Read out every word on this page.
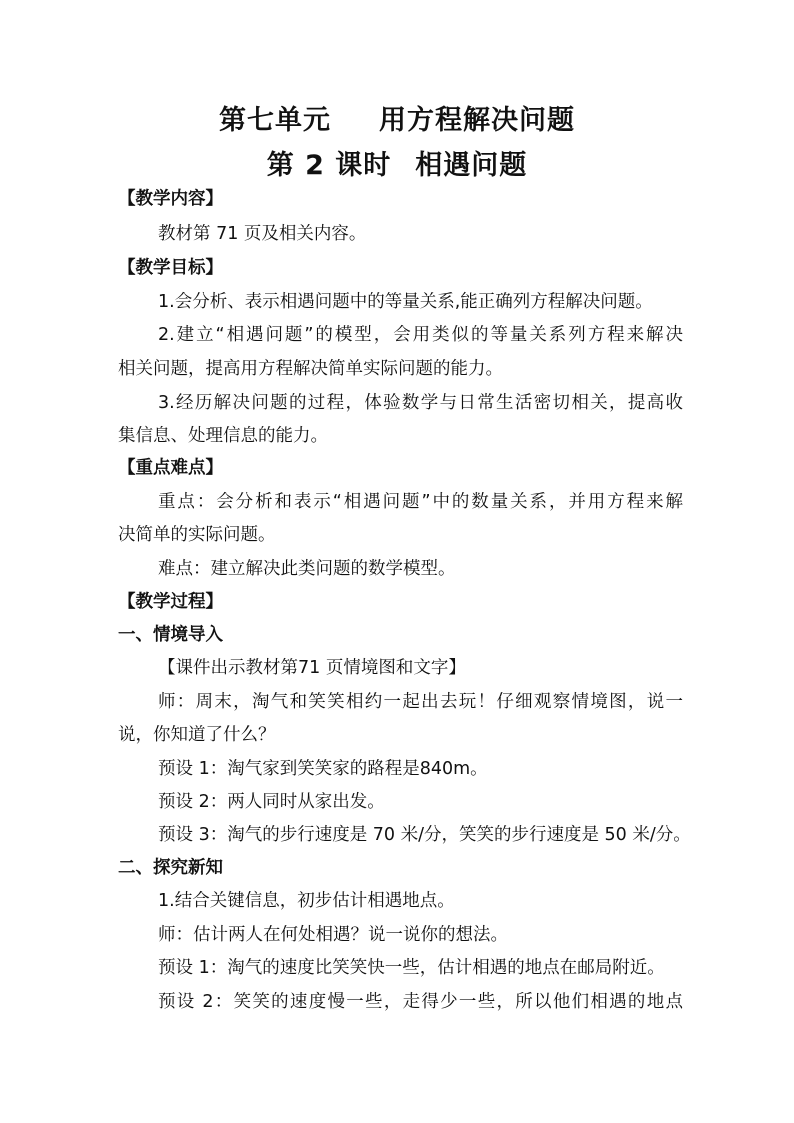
第七单元 用方程解决问题
第 2 课时 相遇问题
【教学内容】
教材第 71 页及相关内容。
【教学目标】
1.会分析、表示相遇问题中的等量关系,能正确列方程解决问题。
2.建立“相遇问题”的模型，会用类似的等量关系列方程来解决
相关问题，提高用方程解决简单实际问题的能力。
3.经历解决问题的过程，体验数学与日常生活密切相关，提高收
集信息、处理信息的能力。
【重点难点】
重点：会分析和表示“相遇问题”中的数量关系，并用方程来解
决简单的实际问题。
难点：建立解决此类问题的数学模型。
【教学过程】
一、情境导入
【课件出示教材第71 页情境图和文字】
师：周末，淘气和笑笑相约一起出去玩！仔细观察情境图，说一
说，你知道了什么？
预设 1：淘气家到笑笑家的路程是840m。
预设 2：两人同时从家出发。
预设 3：淘气的步行速度是 70 米/分，笑笑的步行速度是 50 米/分。
二、探究新知
1.结合关键信息，初步估计相遇地点。
师：估计两人在何处相遇？说一说你的想法。
预设 1：淘气的速度比笑笑快一些，估计相遇的地点在邮局附近。
预设 2：笑笑的速度慢一些，走得少一些，所以他们相遇的地点
